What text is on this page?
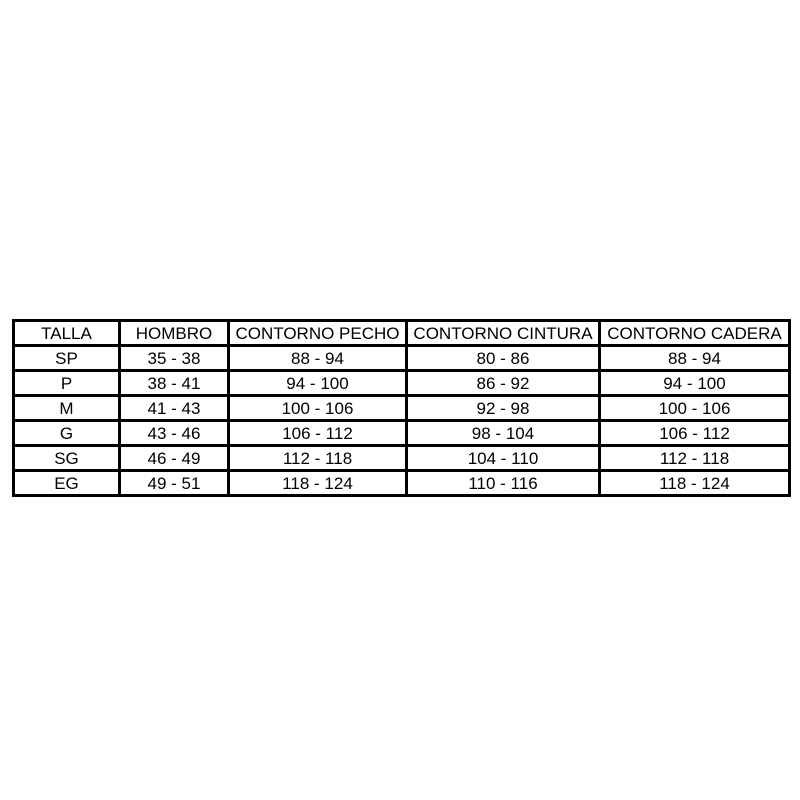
TALLA	HOMBRO	CONTORNO PECHO	CONTORNO CINTURA	CONTORNO CADERA
SP	35 - 38	88 - 94	80 - 86	88 - 94
P	38 - 41	94 - 100	86 - 92	94 - 100
M	41 - 43	100 - 106	92 - 98	100 - 106
G	43 - 46	106 - 112	98 - 104	106 - 112
SG	46 - 49	112 - 118	104 - 110	112 - 118
EG	49 - 51	118 - 124	110 - 116	118 - 124
